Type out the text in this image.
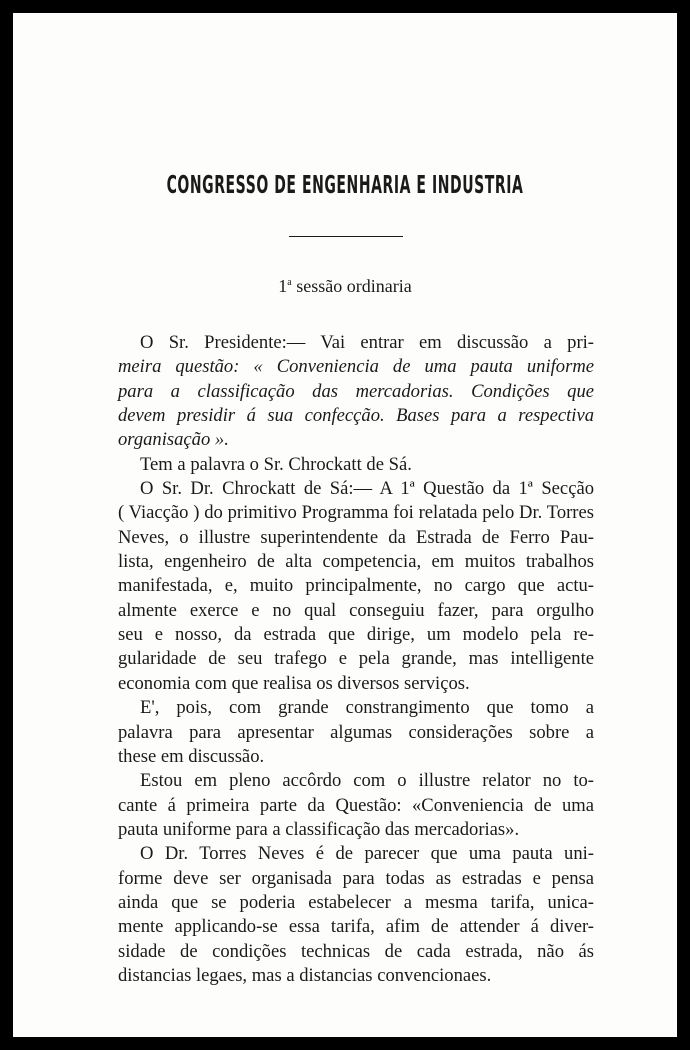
CONGRESSO DE ENGENHARIA E INDUSTRIA
1$^a$ sessão ordinaria
O Sr. Presidente:— Vai entrar em discussão a pri-
meira questão: « Conveniencia de uma pauta uniforme
para a classificação das mercadorias. Condições que
devem presidir á sua confecção. Bases para a respectiva
organisação ».
Tem a palavra o Sr. Chrockatt de Sá.
O Sr. Dr. Chrockatt de Sá:— A 1ª Questão da 1ª Secção
( Viacção ) do primitivo Programma foi relatada pelo Dr. Torres
Neves, o illustre superintendente da Estrada de Ferro Pau-
lista, engenheiro de alta competencia, em muitos trabalhos
manifestada, e, muito principalmente, no cargo que actu-
almente exerce e no qual conseguiu fazer, para orgulho
seu e nosso, da estrada que dirige, um modelo pela re-
gularidade de seu trafego e pela grande, mas intelligente
economia com que realisa os diversos serviços.
E', pois, com grande constrangimento que tomo a
palavra para apresentar algumas considerações sobre a
these em discussão.
Estou em pleno accôrdo com o illustre relator no to-
cante á primeira parte da Questão: «Conveniencia de uma
pauta uniforme para a classificação das mercadorias».
O Dr. Torres Neves é de parecer que uma pauta uni-
forme deve ser organisada para todas as estradas e pensa
ainda que se poderia estabelecer a mesma tarifa, unica-
mente applicando-se essa tarifa, afim de attender á diver-
sidade de condições technicas de cada estrada, não ás
distancias legaes, mas a distancias convencionaes.
